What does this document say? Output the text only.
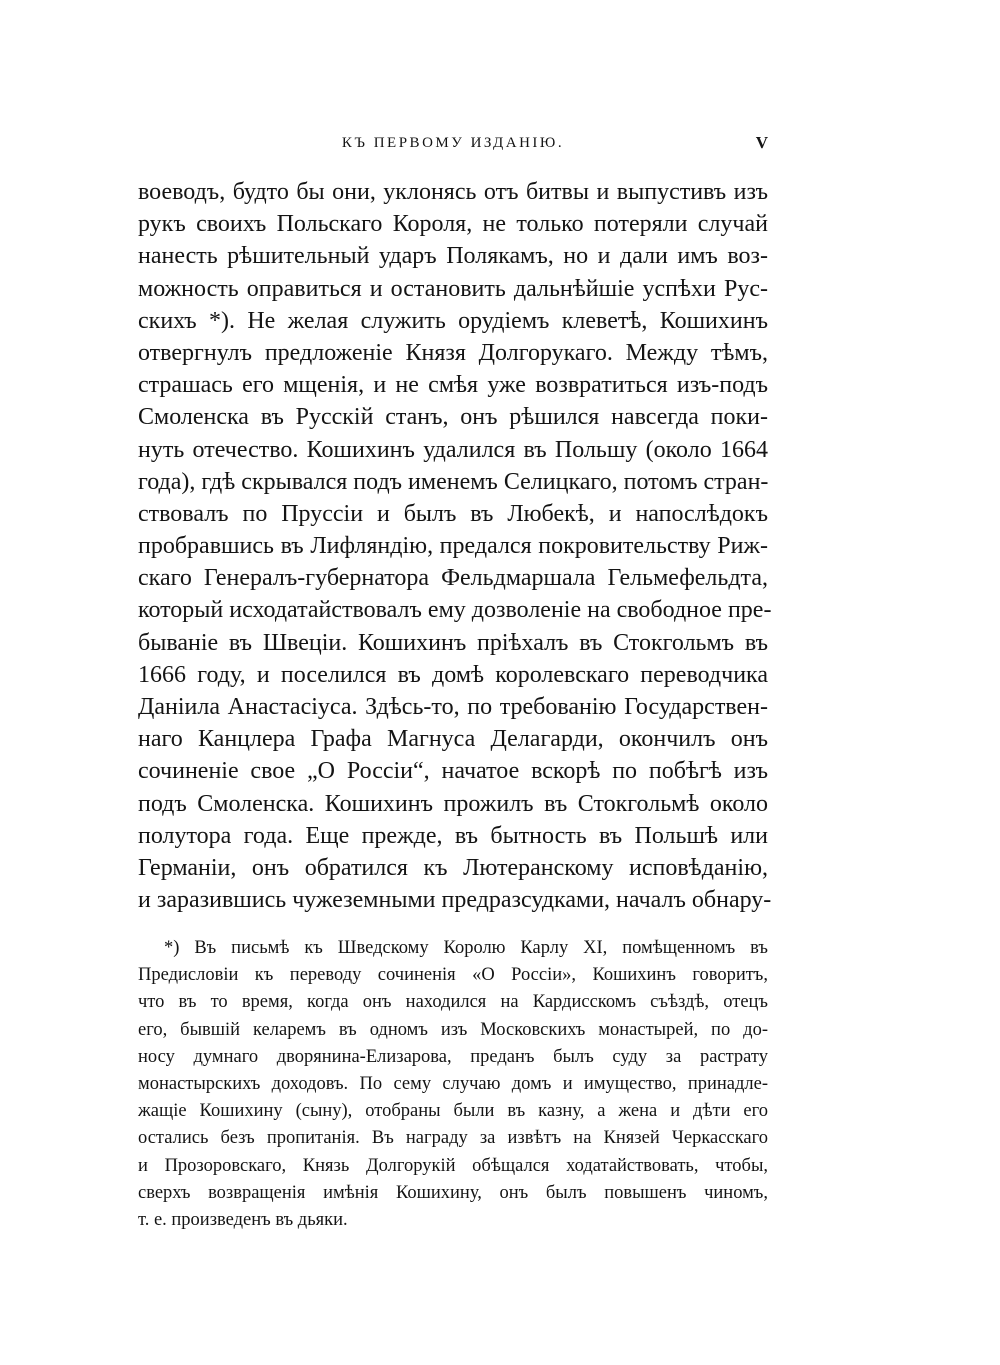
КЪ ПЕРВОМУ ИЗДАНІЮ.	V
воеводъ, будто бы они, уклонясь отъ битвы и выпустивъ изъ
рукъ своихъ Польскаго Короля, не только потеряли случай
нанесть рѣшительный ударъ Полякамъ, но и дали имъ воз-
можность оправиться и остановить дальнѣйшіе успѣхи Рус-
скихъ *). Не желая служить орудіемъ клеветѣ, Кошихинъ
отвергнулъ предложеніе Князя Долгорукаго. Между тѣмъ,
страшась его мщенія, и не смѣя уже возвратиться изъ-подъ
Смоленска въ Русскій станъ, онъ рѣшился навсегда поки-
нуть отечество. Кошихинъ удалился въ Польшу (около 1664
года), гдѣ скрывался подъ именемъ Селицкаго, потомъ стран-
ствовалъ по Пруссіи и былъ въ Любекѣ, и напослѣдокъ
пробравшись въ Лифляндію, предался покровительству Риж-
скаго Генералъ-губернатора Фельдмаршала Гельмефельдта,
который исходатайствовалъ ему дозволеніе на свободное пре-
бываніе въ Швеціи. Кошихинъ пріѣхалъ въ Стокгольмъ въ
1666 году, и поселился въ домѣ королевскаго переводчика
Даніила Анастасіуса. Здѣсь-то, по требованію Государствен-
наго Канцлера Графа Магнуса Делагарди, окончилъ онъ
сочиненіе свое „О Россіи“, начатое вскорѣ по побѣгѣ изъ
подъ Смоленска. Кошихинъ прожилъ въ Стокгольмѣ около
полутора года. Еще прежде, въ бытность въ Польшѣ или
Германіи, онъ обратился къ Лютеранскому исповѣданію,
и заразившись чужеземными предразсудками, началъ обнару-
*) Въ письмѣ къ Шведскому Королю Карлу XI, помѣщенномъ въ
Предисловіи къ переводу сочиненія «О Россіи», Кошихинъ говоритъ,
что въ то время, когда онъ находился на Кардисскомъ съѣздѣ, отецъ
его, бывшій келаремъ въ одномъ изъ Московскихъ монастырей, по до-
носу думнаго дворянина-Елизарова, преданъ былъ суду за растрату
монастырскихъ доходовъ. По сему случаю домъ и имущество, принадле-
жащіе Кошихину (сыну), отобраны были въ казну, а жена и дѣти его
остались безъ пропитанія. Въ награду за извѣтъ на Князей Черкасскаго
и Прозоровскаго, Князь Долгорукій обѣщался ходатайствовать, чтобы,
сверхъ возвращенія имѣнія Кошихину, онъ былъ повышенъ чиномъ,
т. е. произведенъ въ дьяки.
